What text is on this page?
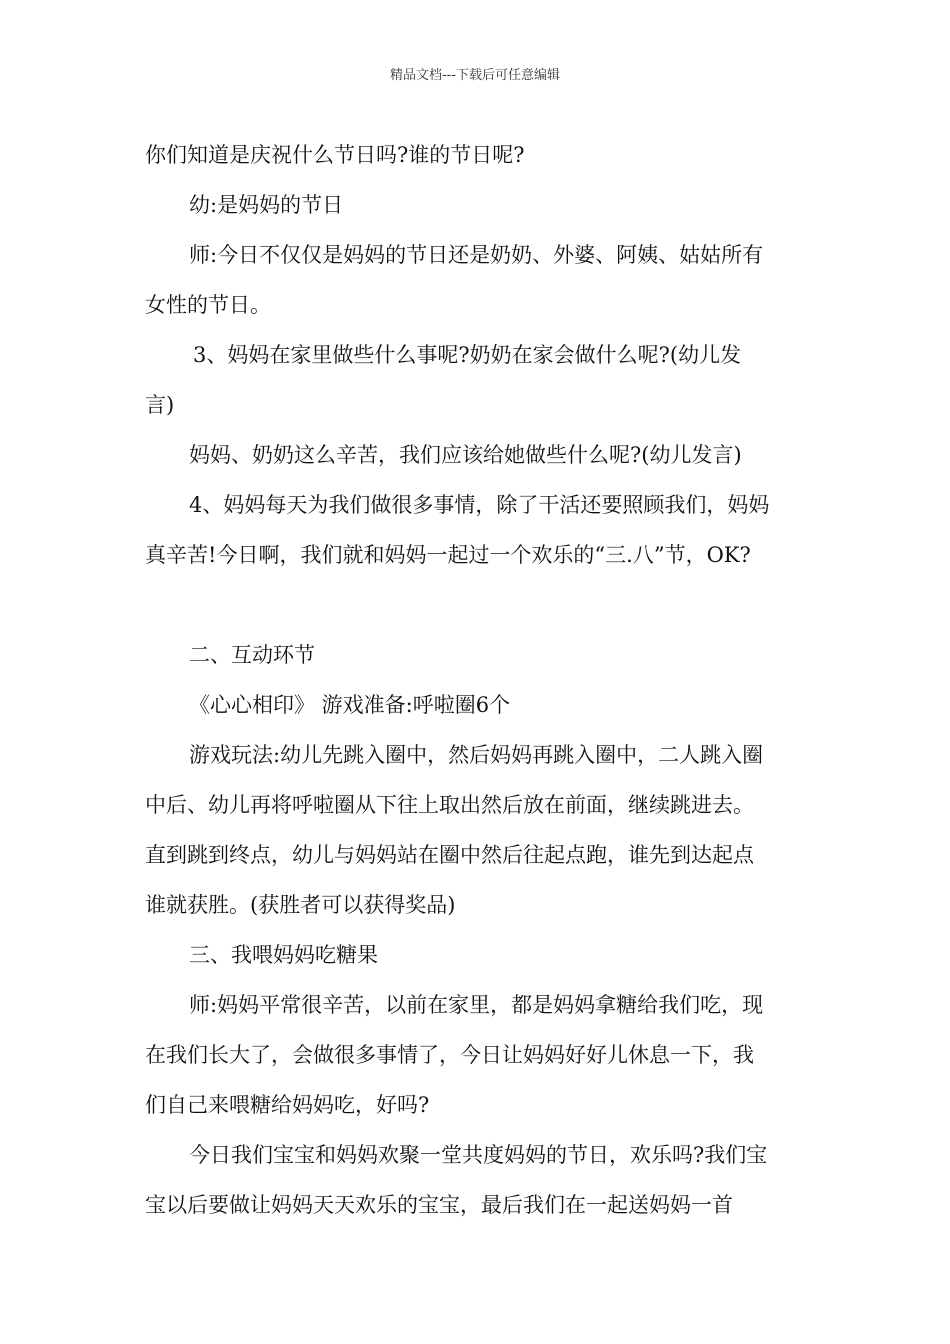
精品文档---下载后可任意编辑
你们知道是庆祝什么节日吗?谁的节日呢?
幼:是妈妈的节日
师:今日不仅仅是妈妈的节日还是奶奶、外婆、阿姨、姑姑所有
女性的节日。
3、妈妈在家里做些什么事呢?奶奶在家会做什么呢?(幼儿发
言)
妈妈、奶奶这么辛苦，我们应该给她做些什么呢?(幼儿发言)
4、妈妈每天为我们做很多事情，除了干活还要照顾我们，妈妈
真辛苦!今日啊，我们就和妈妈一起过一个欢乐的“三.八”节，OK?
二、互动环节
《心心相印》 游戏准备:呼啦圈6个
游戏玩法:幼儿先跳入圈中，然后妈妈再跳入圈中，二人跳入圈
中后、幼儿再将呼啦圈从下往上取出然后放在前面，继续跳进去。
直到跳到终点，幼儿与妈妈站在圈中然后往起点跑，谁先到达起点
谁就获胜。(获胜者可以获得奖品)
三、我喂妈妈吃糖果
师:妈妈平常很辛苦，以前在家里，都是妈妈拿糖给我们吃，现
在我们长大了，会做很多事情了，今日让妈妈好好儿休息一下，我
们自己来喂糖给妈妈吃，好吗?
今日我们宝宝和妈妈欢聚一堂共度妈妈的节日，欢乐吗?我们宝
宝以后要做让妈妈天天欢乐的宝宝，最后我们在一起送妈妈一首
